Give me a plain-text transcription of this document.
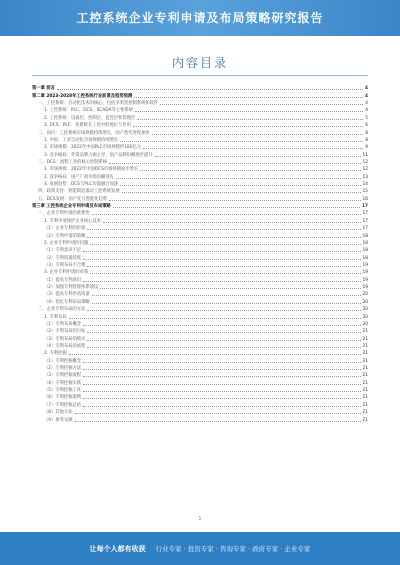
工控系统企业专利申请及布局策略研究报告
内容目录
第一章 前言	4
第二章 2023-2028年工控系统行业前景及趋势预测	4
一、工控系统：自动化技术的核心，包括多类型控制系统和软件	4
1. 工控系统：PLC、DCS、SCADA等主要系统	4
2. 工控系统：设备层、控制层、监控层和管理层	5
3. DCS、PLC：各系统在工控中的地位与作用	6
二、国内：工控系统市场规模持续增长，国产替代进程加快	8
1. 中国：工业自动化市场规模持续增长	8
2. 市场规模：2022年中国PLC市场规模约180亿元	9
3. 竞争格局：外资品牌占据主导，国产品牌份额逐步提升	11
三、DCS：流程工业的核心控制系统	12
1. 市场规模：2022年中国DCS市场规模稳步增长	12
2. 竞争格局：国产厂商市场份额领先	13
3. 发展趋势：DCS与PLC功能融合加速	14
四、政策支持：智能制造推动工控系统发展	15
五、DCS发展：国产化与智能化趋势	16
第三章 工控系统企业专利申请及布局策略	17
一、企业专利申请的重要性	17
1. 专利申请保护企业核心技术	17
（1）企业专利的价值	17
（2）专利申请的策略	18
2. 企业专利申请的问题	18
（1）专利意识不足	18
（2）专利质量较低	18
（3）专利布局不合理	19
3. 企业专利申请的对策	19
（1）提高专利意识	19
（2）加强专利管理体系建设	19
（3）提高专利申请质量	20
（4）优化专利布局策略	20
二、企业专利布局的方法	20
1. 专利布局	20
（1）专利布局概念	20
（2）专利布局的目标	21
（3）专利布局的模式	21
（4）专利布局的流程	21
2. 专利挖掘	21
（1）专利挖掘概念	21
（2）专利挖掘方法	21
（3）专利挖掘流程	21
（4）专利挖掘实践	21
（5）专利挖掘工具	21
（6）专利挖掘案例	21
（7）专利挖掘总结	21
（8）其他方法	21
（9）参考文献	21
1
让每个人都有收获 行业专家 · 投资专家 · 咨询专家 · 政府专家 · 企业专家
